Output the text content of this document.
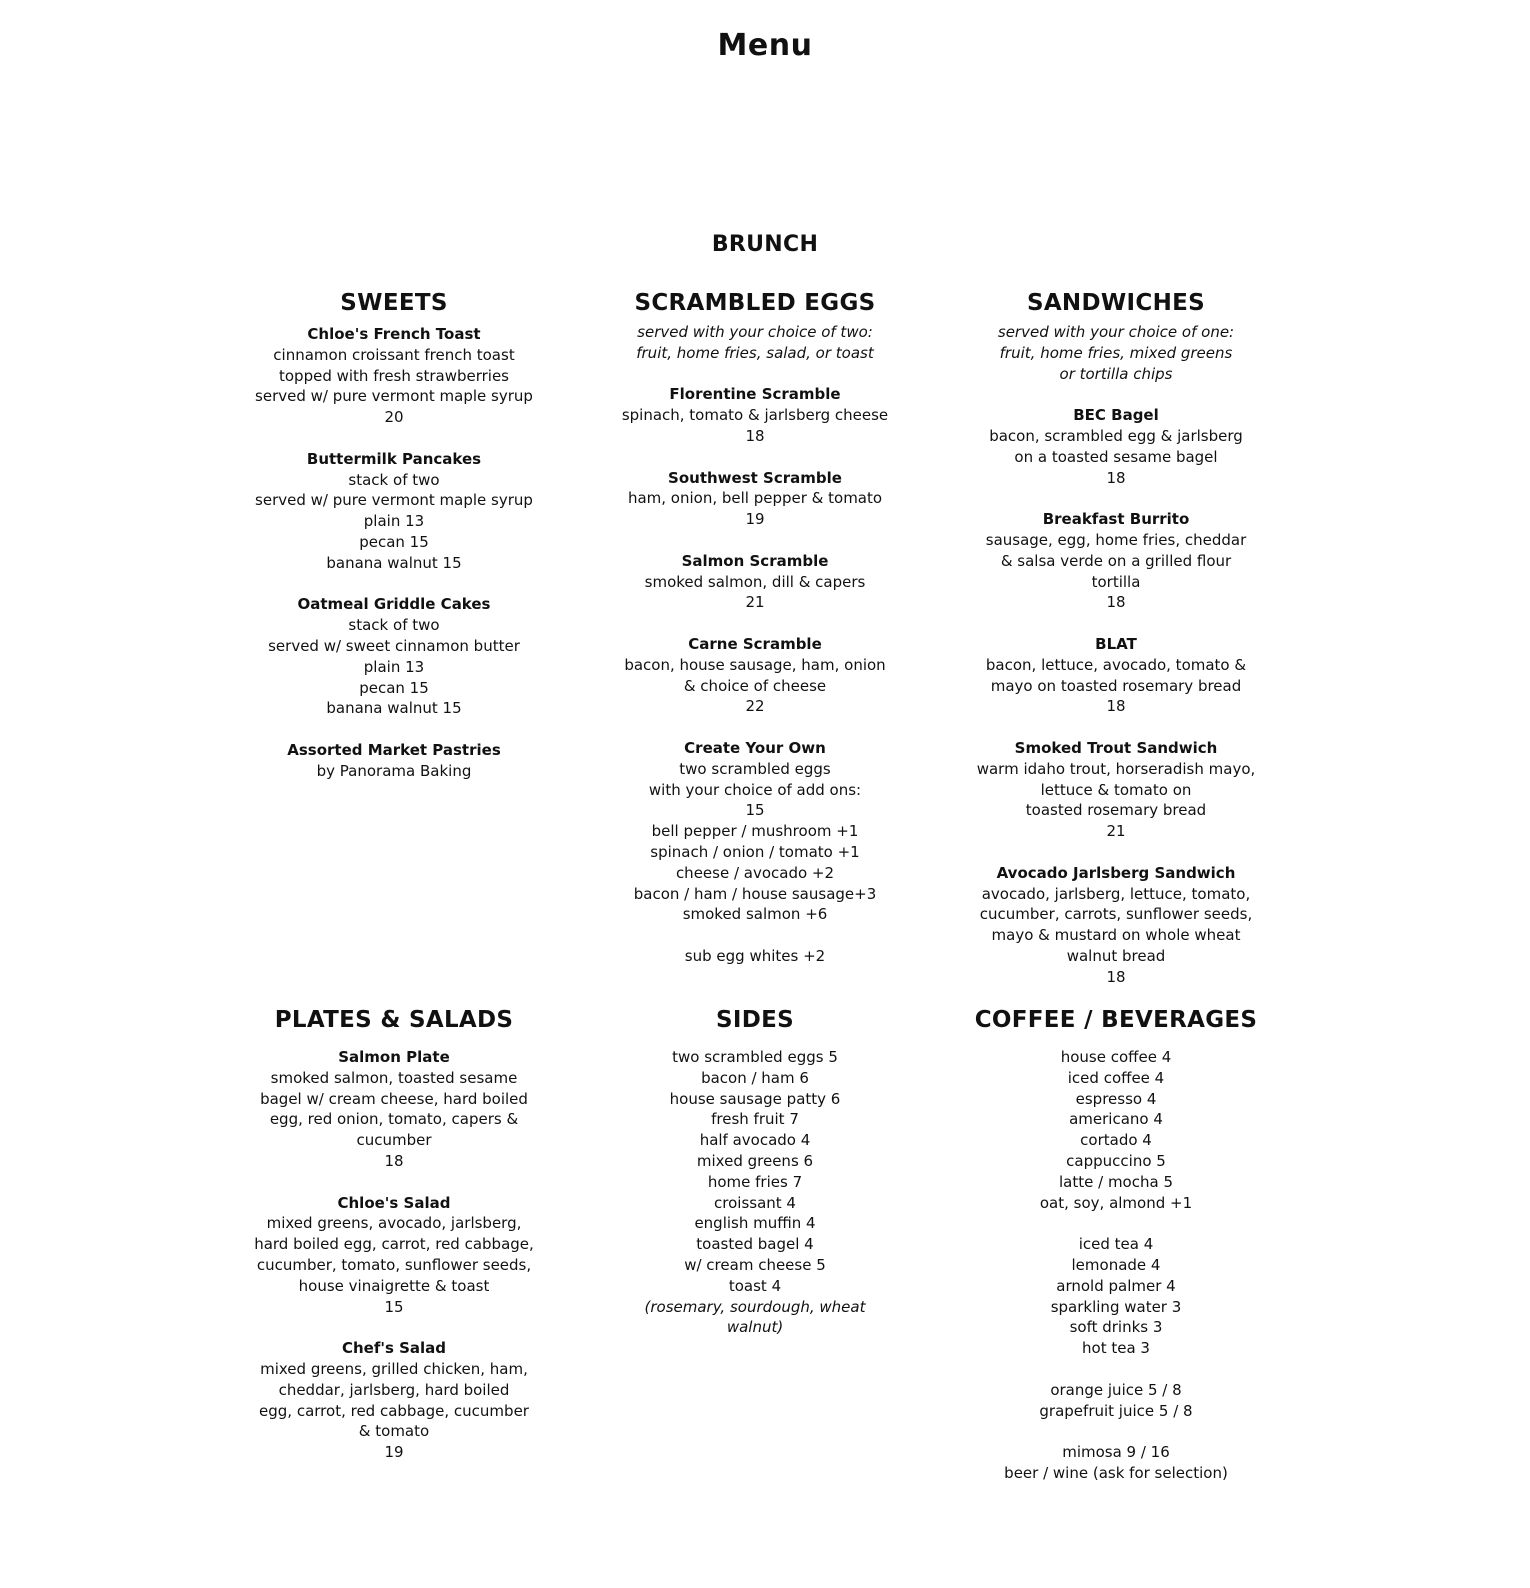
Menu
BRUNCH
SWEETS
Chloe's French Toast
cinnamon croissant french toast
topped with fresh strawberries
served w/ pure vermont maple syrup
20
Buttermilk Pancakes
stack of two
served w/ pure vermont maple syrup
plain 13
pecan 15
banana walnut 15
Oatmeal Griddle Cakes
stack of two
served w/ sweet cinnamon butter
plain 13
pecan 15
banana walnut 15
Assorted Market Pastries
by Panorama Baking
SCRAMBLED EGGS
served with your choice of two:
fruit, home fries, salad, or toast
Florentine Scramble
spinach, tomato & jarlsberg cheese
18
Southwest Scramble
ham, onion, bell pepper & tomato
19
Salmon Scramble
smoked salmon, dill & capers
21
Carne Scramble
bacon, house sausage, ham, onion
& choice of cheese
22
Create Your Own
two scrambled eggs
with your choice of add ons:
15
bell pepper / mushroom +1
spinach / onion / tomato +1
cheese / avocado +2
bacon / ham / house sausage+3
smoked salmon +6
sub egg whites +2
SANDWICHES
served with your choice of one:
fruit, home fries, mixed greens
or tortilla chips
BEC Bagel
bacon, scrambled egg & jarlsberg
on a toasted sesame bagel
18
Breakfast Burrito
sausage, egg, home fries, cheddar
& salsa verde on a grilled flour
tortilla
18
BLAT
bacon, lettuce, avocado, tomato &
mayo on toasted rosemary bread
18
Smoked Trout Sandwich
warm idaho trout, horseradish mayo,
lettuce & tomato on
toasted rosemary bread
21
Avocado Jarlsberg Sandwich
avocado, jarlsberg, lettuce, tomato,
cucumber, carrots, sunflower seeds,
mayo & mustard on whole wheat
walnut bread
18
PLATES & SALADS
Salmon Plate
smoked salmon, toasted sesame
bagel w/ cream cheese, hard boiled
egg, red onion, tomato, capers &
cucumber
18
Chloe's Salad
mixed greens, avocado, jarlsberg,
hard boiled egg, carrot, red cabbage,
cucumber, tomato, sunflower seeds,
house vinaigrette & toast
15
Chef's Salad
mixed greens, grilled chicken, ham,
cheddar, jarlsberg, hard boiled
egg, carrot, red cabbage, cucumber
& tomato
19
SIDES
two scrambled eggs 5
bacon / ham 6
house sausage patty 6
fresh fruit 7
half avocado 4
mixed greens 6
home fries 7
croissant 4
english muffin 4
toasted bagel 4
w/ cream cheese 5
toast 4
(rosemary, sourdough, wheat
walnut)
COFFEE / BEVERAGES
house coffee 4
iced coffee 4
espresso 4
americano 4
cortado 4
cappuccino 5
latte / mocha 5
oat, soy, almond +1
iced tea 4
lemonade 4
arnold palmer 4
sparkling water 3
soft drinks 3
hot tea 3
orange juice 5 / 8
grapefruit juice 5 / 8
mimosa 9 / 16
beer / wine (ask for selection)
